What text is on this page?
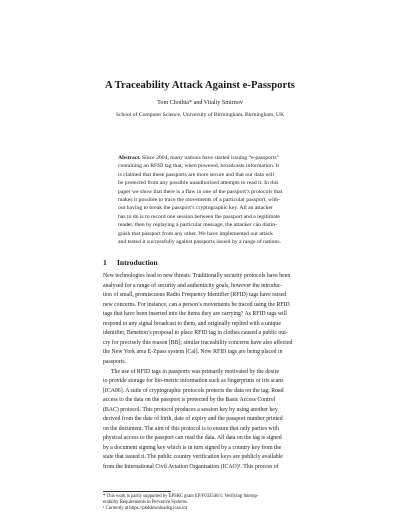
A Traceability Attack Against e-Passports
Tom Chothia* and Vitaliy Smirnov
School of Computer Science, University of Birmingham, Birmingham, UK
Abstract. Since 2004, many nations have started issuing “e-passports”
containing an RFID tag that, when powered, broadcasts information. It
is claimed that these passports are more secure and that our data will
be protected from any possible unauthorised attempts to read it. In this
paper we show that there is a flaw in one of the passport’s protocols that
makes it possible to trace the movements of a particular passport, with-
out having to break the passport’s cryptographic key. All an attacker
has to do is to record one session between the passport and a legitimate
reader, then by replaying a particular message, the attacker can distin-
guish that passport from any other. We have implemented our attack
and tested it successfully against passports issued by a range of nations.
1 Introduction
New technologies lead to new threats. Traditionally security protocols have been
analysed for a range of security and authenticity goals, however the introduc-
tion of small, promiscuous Radio Frequency Identifier (RFID) tags have raised
new concerns. For instance, can a person’s movements be traced using the RFID
tags that have been inserted into the items they are carrying? As RFID tags will
respond to any signal broadcast to them, and originally replied with a unique
identifier, Benetton’s proposal to place RFID tag in clothes caused a public out-
cry for precisely this reason [BB]; similar traceability concerns have also affected
the New York area E-Zpass system [Cal]. Now RFID tags are being placed in
passports.
The use of RFID tags in passports was primarily motivated by the desire
to provide storage for bio-metric information such as fingerprints or iris scans
[ICA06]. A suite of cryptographic protocols protects the data on the tag; Road
access to the data on the passport is protected by the Basic Access Control
(BAC) protocol. This protocol produces a session key by using another key
derived from the date of birth, date of expiry and the passport number printed
on the document. The aim of this protocol is to ensure that only parties with
physical access to the passport can read the data. All data on the tag is signed
by a document signing key which is in turn signed by a country key from the
state that issued it. The public country verification keys are publicly available
from the International Civil Aviation Organisation (ICAO)¹. This process of
* This work is partly supported by EPSRC grant EP/F033540/1: Verifying Interop-
erability Requirements in Pervasive Systems.
¹ Currently at https://pkddownloadsg.icao.int
